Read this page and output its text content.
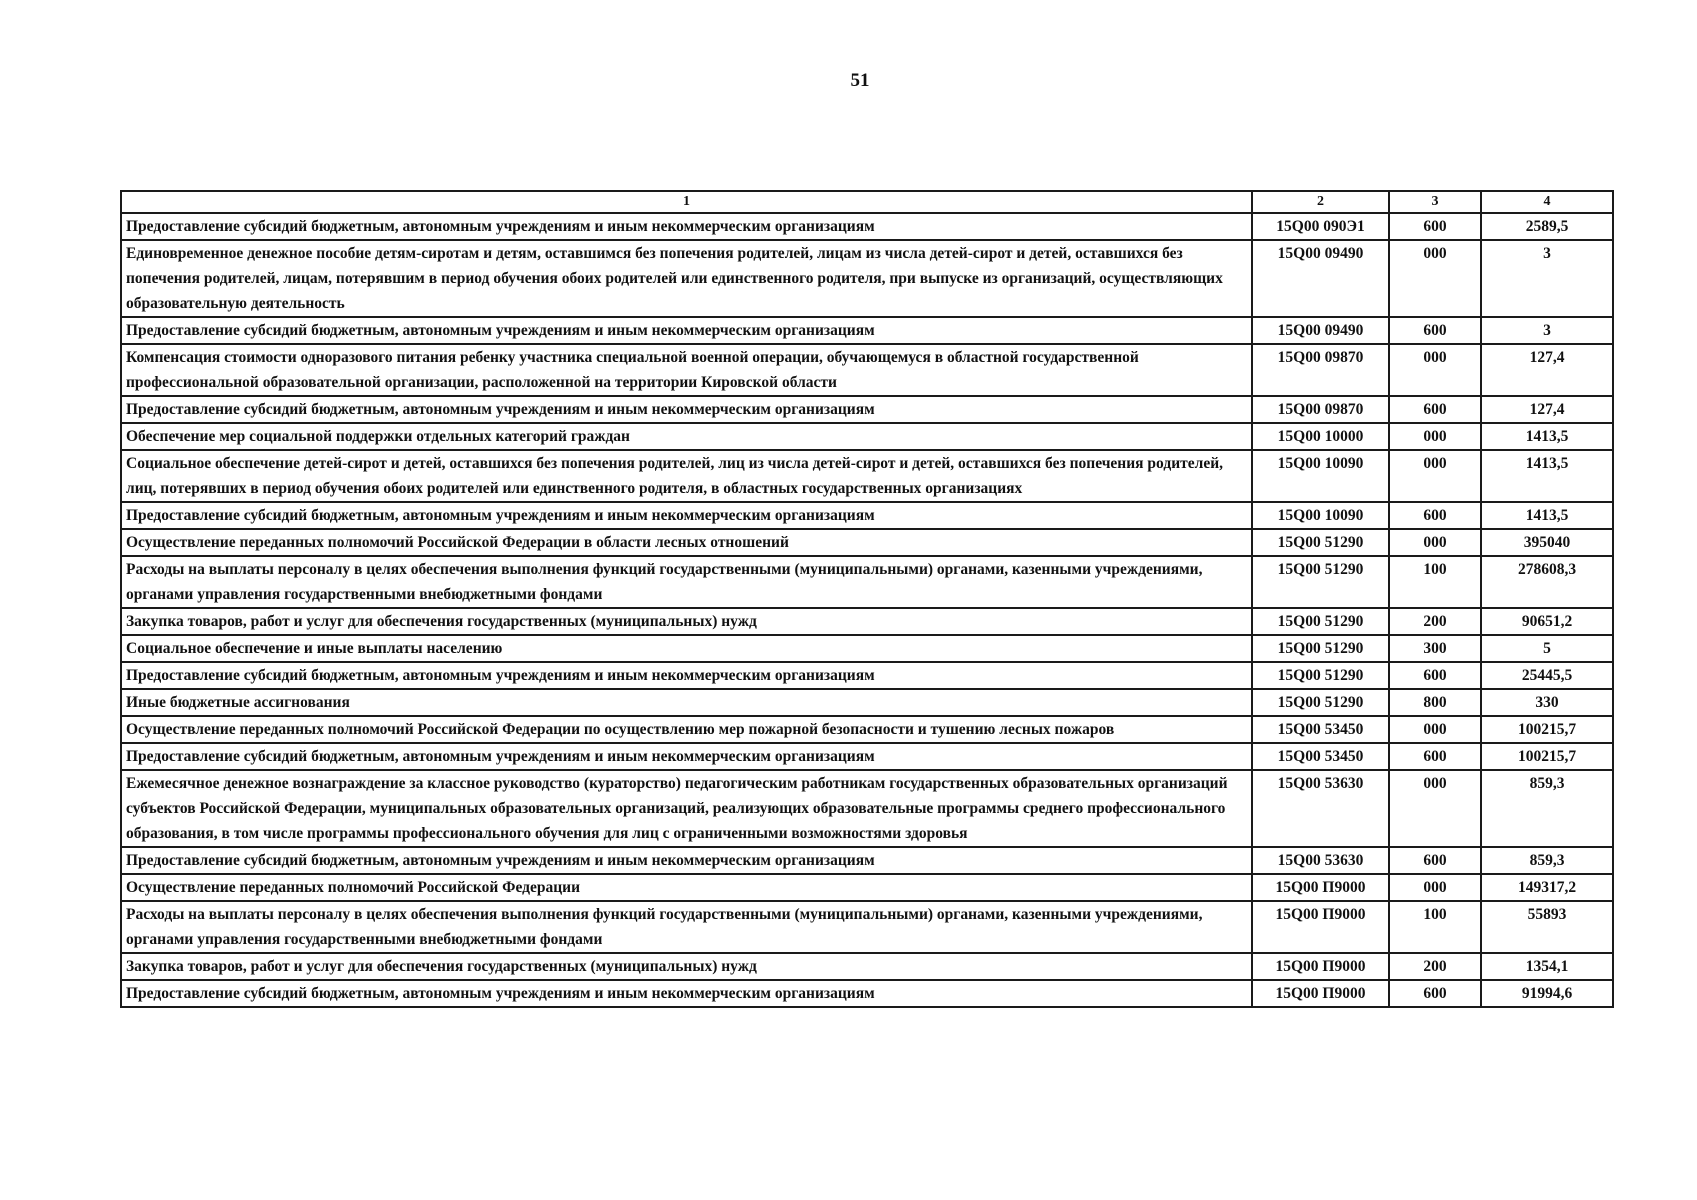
51
1	2	3	4
Предоставление субсидий бюджетным, автономным учреждениям и иным некоммерческим организациям	15Q00 090Э1	600	2589,5
Единовременное денежное пособие детям-сиротам и детям, оставшимся без попечения родителей, лицам из числа детей-сирот и детей, оставшихся без попечения родителей, лицам, потерявшим в период обучения обоих родителей или единственного родителя, при выпуске из организаций, осуществляющих образовательную деятельность	15Q00 09490	000	3
Предоставление субсидий бюджетным, автономным учреждениям и иным некоммерческим организациям	15Q00 09490	600	3
Компенсация стоимости одноразового питания ребенку участника специальной военной операции, обучающемуся в областной государственной профессиональной образовательной организации, расположенной на территории Кировской области	15Q00 09870	000	127,4
Предоставление субсидий бюджетным, автономным учреждениям и иным некоммерческим организациям	15Q00 09870	600	127,4
Обеспечение мер социальной поддержки отдельных категорий граждан	15Q00 10000	000	1413,5
Социальное обеспечение детей-сирот и детей, оставшихся без попечения родителей, лиц из числа детей-сирот и детей, оставшихся без попечения родителей, лиц, потерявших в период обучения обоих родителей или единственного родителя, в областных государственных организациях	15Q00 10090	000	1413,5
Предоставление субсидий бюджетным, автономным учреждениям и иным некоммерческим организациям	15Q00 10090	600	1413,5
Осуществление переданных полномочий Российской Федерации в области лесных отношений	15Q00 51290	000	395040
Расходы на выплаты персоналу в целях обеспечения выполнения функций государственными (муниципальными) органами, казенными учреждениями, органами управления государственными внебюджетными фондами	15Q00 51290	100	278608,3
Закупка товаров, работ и услуг для обеспечения государственных (муниципальных) нужд	15Q00 51290	200	90651,2
Социальное обеспечение и иные выплаты населению	15Q00 51290	300	5
Предоставление субсидий бюджетным, автономным учреждениям и иным некоммерческим организациям	15Q00 51290	600	25445,5
Иные бюджетные ассигнования	15Q00 51290	800	330
Осуществление переданных полномочий Российской Федерации по осуществлению мер пожарной безопасности и тушению лесных пожаров	15Q00 53450	000	100215,7
Предоставление субсидий бюджетным, автономным учреждениям и иным некоммерческим организациям	15Q00 53450	600	100215,7
Ежемесячное денежное вознаграждение за классное руководство (кураторство) педагогическим работникам государственных образовательных организаций субъектов Российской Федерации, муниципальных образовательных организаций, реализующих образовательные программы среднего профессионального образования, в том числе программы профессионального обучения для лиц с ограниченными возможностями здоровья	15Q00 53630	000	859,3
Предоставление субсидий бюджетным, автономным учреждениям и иным некоммерческим организациям	15Q00 53630	600	859,3
Осуществление переданных полномочий Российской Федерации	15Q00 П9000	000	149317,2
Расходы на выплаты персоналу в целях обеспечения выполнения функций государственными (муниципальными) органами, казенными учреждениями, органами управления государственными внебюджетными фондами	15Q00 П9000	100	55893
Закупка товаров, работ и услуг для обеспечения государственных (муниципальных) нужд	15Q00 П9000	200	1354,1
Предоставление субсидий бюджетным, автономным учреждениям и иным некоммерческим организациям	15Q00 П9000	600	91994,6
